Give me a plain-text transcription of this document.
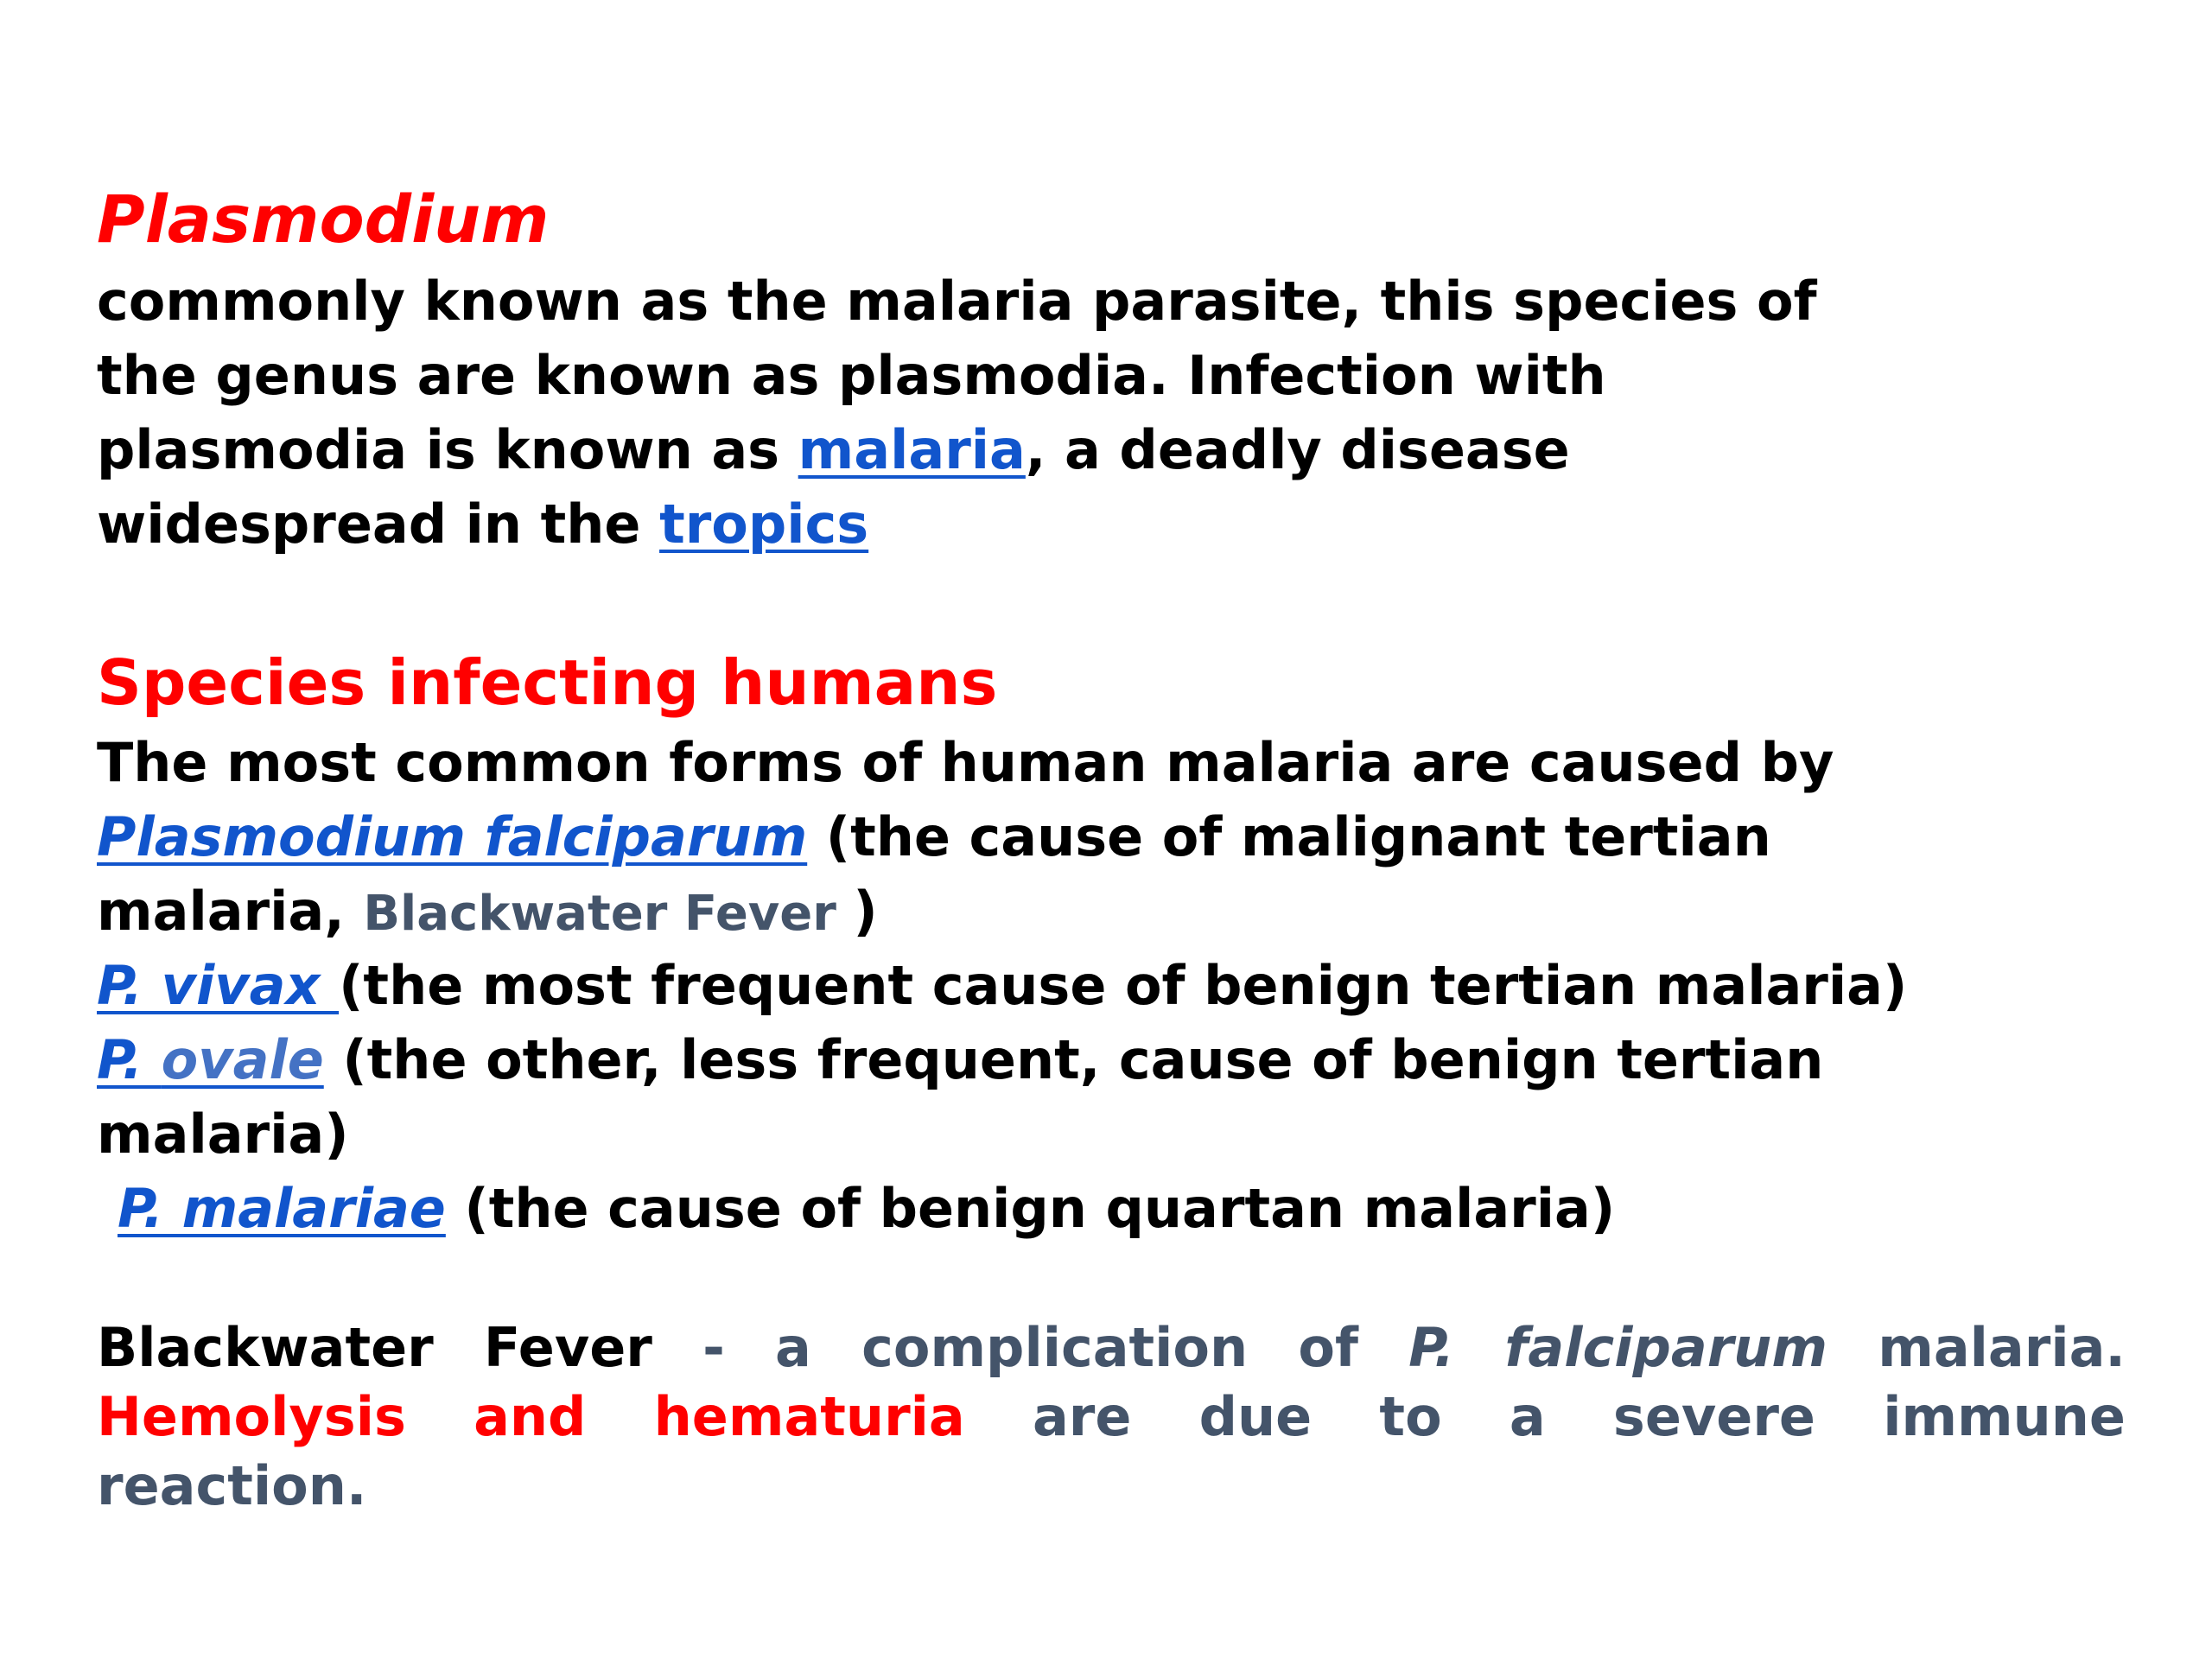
Plasmodium
commonly known as the malaria parasite, this species of
the genus are known as plasmodia. Infection with
plasmodia is known as malaria, a deadly disease
widespread in the tropics
Species infecting humans
The most common forms of human malaria are caused by
Plasmodium falciparum (the cause of malignant tertian
malaria, Blackwater Fever )
P. vivax (the most frequent cause of benign tertian malaria)
P. ovale (the other, less frequent, cause of benign tertian
malaria)
P. malariae (the cause of benign quartan malaria)
Blackwater Fever - a complication of P. falciparum malaria.
Hemolysis and hematuria are due to a severe immune
reaction.
